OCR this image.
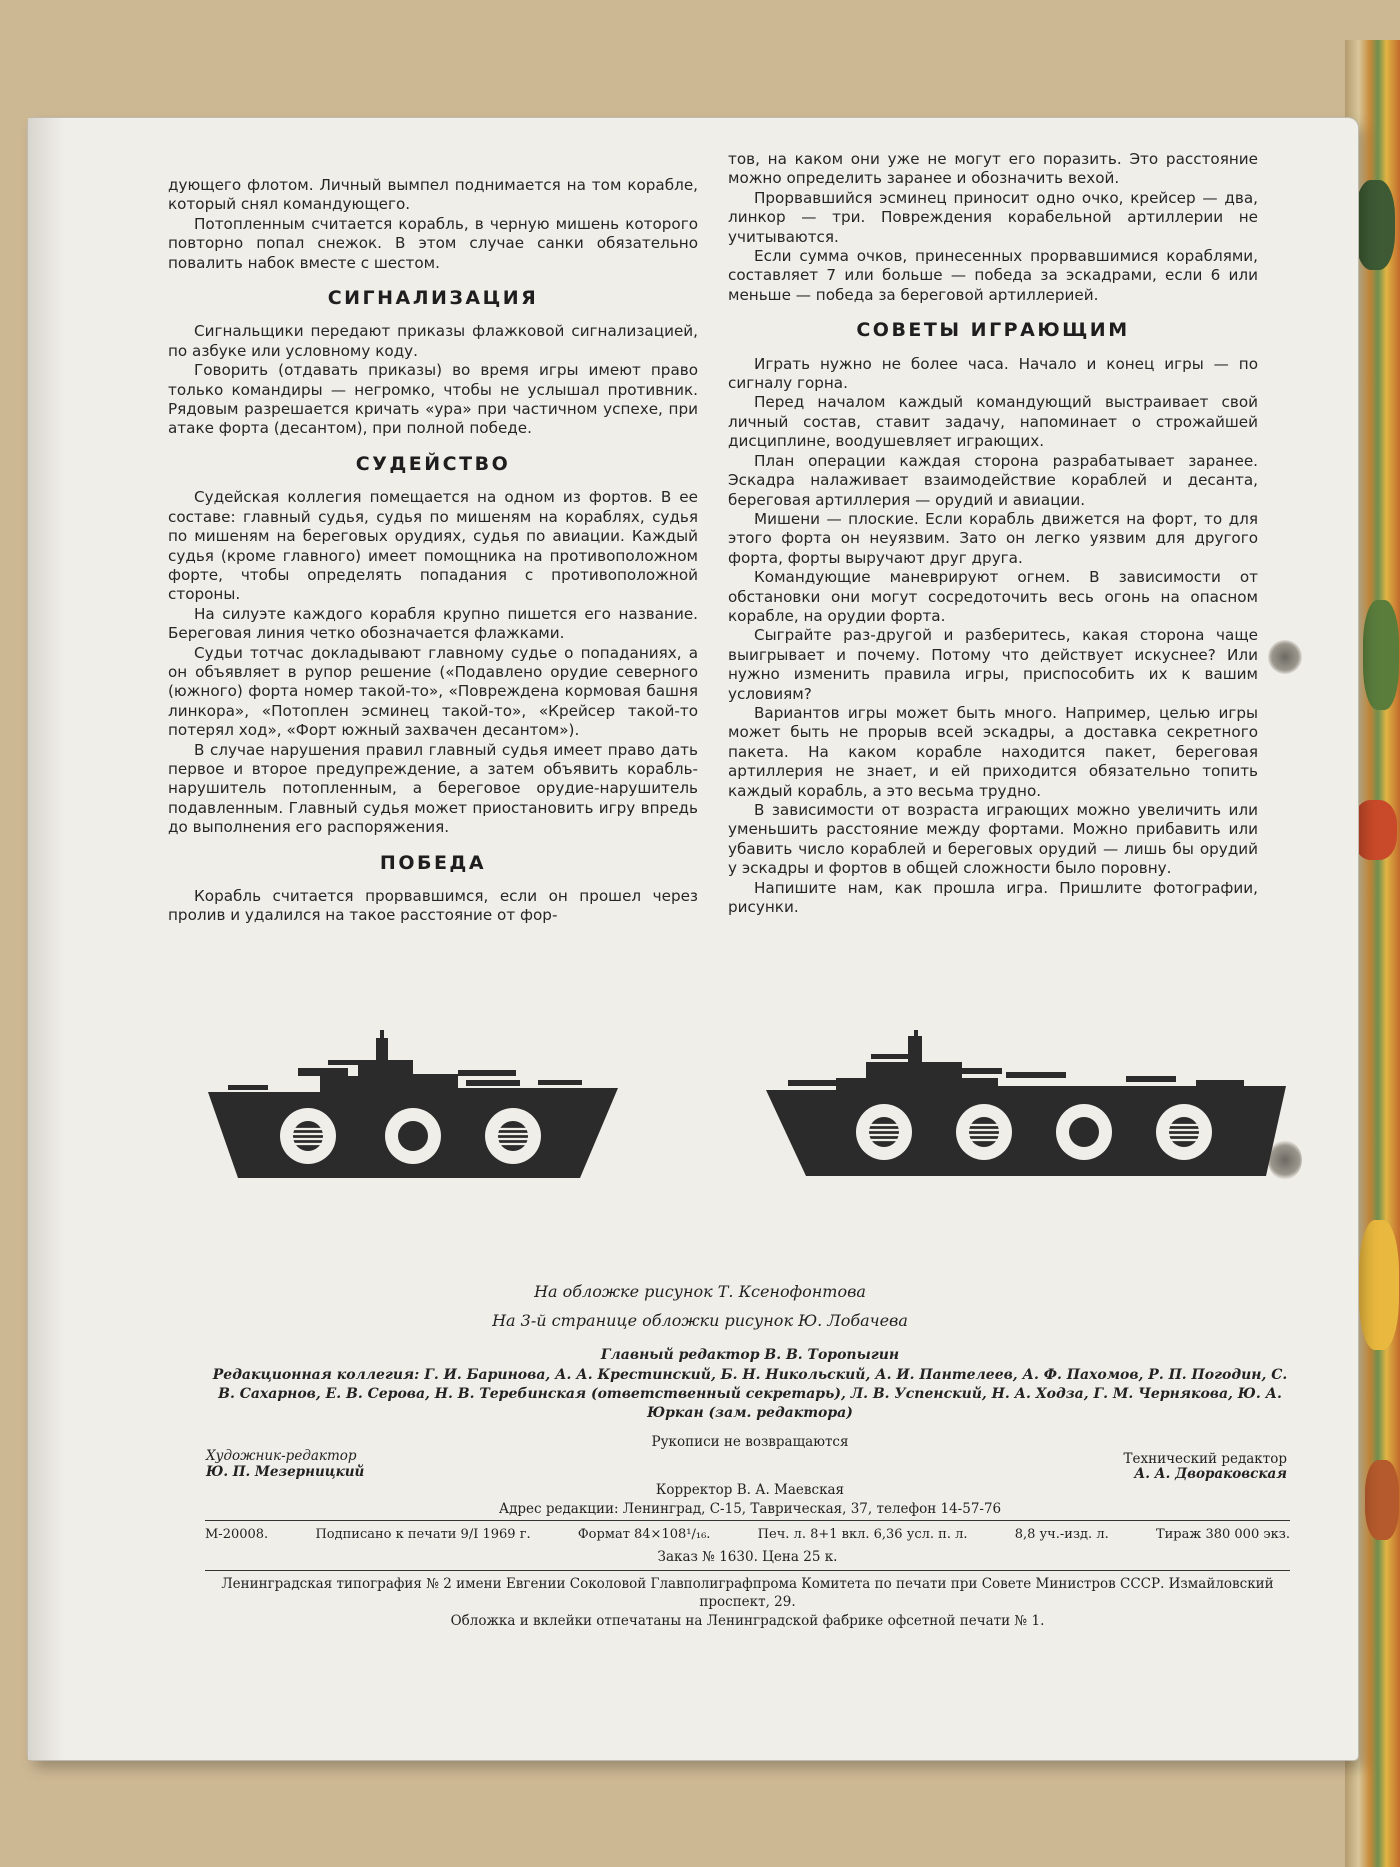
дующего флотом. Личный вымпел поднимается на том корабле, который снял командующего.

Потопленным считается корабль, в черную мишень которого повторно попал снежок. В этом случае санки обязательно повалить набок вместе с шестом.

СИГНАЛИЗАЦИЯ

Сигнальщики передают приказы флажковой сигнализацией, по азбуке или условному коду.

Говорить (отдавать приказы) во время игры имеют право только командиры — негромко, чтобы не услышал противник. Рядовым разрешается кричать «ура» при частичном успехе, при атаке форта (десантом), при полной победе.

СУДЕЙСТВО

Судейская коллегия помещается на одном из фортов. В ее составе: главный судья, судья по мишеням на кораблях, судья по мишеням на береговых орудиях, судья по авиации. Каждый судья (кроме главного) имеет помощника на противоположном форте, чтобы определять попадания с противоположной стороны.

На силуэте каждого корабля крупно пишется его название. Береговая линия четко обозначается флажками.

Судьи тотчас докладывают главному судье о попаданиях, а он объявляет в рупор решение («Подавлено орудие северного (южного) форта номер такой-то», «Повреждена кормовая башня линкора», «Потоплен эсминец такой-то», «Крейсер такой-то потерял ход», «Форт южный захвачен десантом»).

В случае нарушения правил главный судья имеет право дать первое и второе предупреждение, а затем объявить корабль-нарушитель потопленным, а береговое орудие-нарушитель подавленным. Главный судья может приостановить игру впредь до выполнения его распоряжения.

ПОБЕДА

Корабль считается прорвавшимся, если он прошел через пролив и удалился на такое расстояние от фор-

тов, на каком они уже не могут его поразить. Это расстояние можно определить заранее и обозначить вехой.

Прорвавшийся эсминец приносит одно очко, крейсер — два, линкор — три. Повреждения корабельной артиллерии не учитываются.

Если сумма очков, принесенных прорвавшимися кораблями, составляет 7 или больше — победа за эскадрами, если 6 или меньше — победа за береговой артиллерией.

СОВЕТЫ ИГРАЮЩИМ

Играть нужно не более часа. Начало и конец игры — по сигналу горна.

Перед началом каждый командующий выстраивает свой личный состав, ставит задачу, напоминает о строжайшей дисциплине, воодушевляет играющих.

План операции каждая сторона разрабатывает заранее. Эскадра налаживает взаимодействие кораблей и десанта, береговая артиллерия — орудий и авиации.

Мишени — плоские. Если корабль движется на форт, то для этого форта он неуязвим. Зато он легко уязвим для другого форта, форты выручают друг друга.

Командующие маневрируют огнем. В зависимости от обстановки они могут сосредоточить весь огонь на опасном корабле, на орудии форта.

Сыграйте раз-другой и разберитесь, какая сторона чаще выигрывает и почему. Потому что действует искуснее? Или нужно изменить правила игры, приспособить их к вашим условиям?

Вариантов игры может быть много. Например, целью игры может быть не прорыв всей эскадры, а доставка секретного пакета. На каком корабле находится пакет, береговая артиллерия не знает, и ей приходится обязательно топить каждый корабль, а это весьма трудно.

В зависимости от возраста играющих можно увеличить или уменьшить расстояние между фортами. Можно прибавить или убавить число кораблей и береговых орудий — лишь бы орудий у эскадры и фортов в общей сложности было поровну.

Напишите нам, как прошла игра. Пришлите фотографии, рисунки.

На обложке рисунок Т. Ксенофонтова
На 3-й странице обложки рисунок Ю. Лобачева
Главный редактор В. В. Торопыгин
Редакционная коллегия: Г. И. Баринова, А. А. Крестинский, Б. Н. Никольский, А. И. Пантелеев, А. Ф. Пахомов, Р. П. Погодин, С. В. Сахарнов, Е. В. Серова, Н. В. Теребинская (ответственный секретарь), Л. В. Успенский, Н. А. Ходза, Г. М. Чернякова, Ю. А. Юркан (зам. редактора)
Рукописи не возвращаются
Художник-редактор
Ю. П. Мезерницкий
Технический редактор
А. А. Дворaковская
Корректор В. А. Маевская
Адрес редакции: Ленинград, С-15, Таврическая, 37, телефон 14-57-76
М-20008.	Подписано к печати 9/I 1969 г.	Формат 84×108¹/₁₆.	Печ. л. 8+1 вкл. 6,36 усл. п. л.	8,8 уч.-изд. л.	Тираж 380 000 экз.
Заказ № 1630. Цена 25 к.
Ленинградская типография № 2 имени Евгении Соколовой Главполиграфпрома Комитета по печати при Совете Министров СССР. Измайловский проспект, 29.
Обложка и вклейки отпечатаны на Ленинградской фабрике офсетной печати № 1.
